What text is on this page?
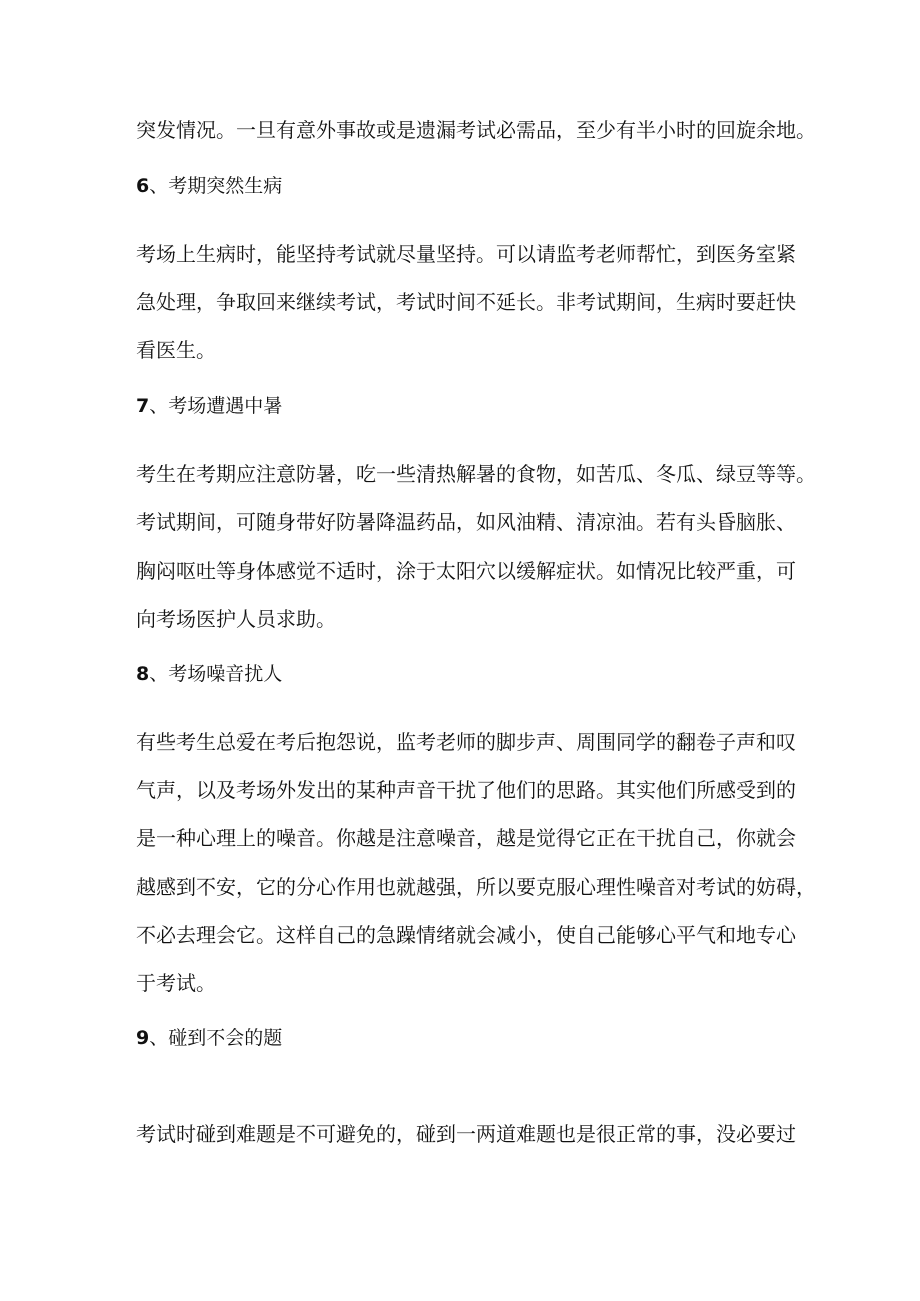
突发情况。一旦有意外事故或是遗漏考试必需品，至少有半小时的回旋余地。

6、考期突然生病

考场上生病时，能坚持考试就尽量坚持。可以请监考老师帮忙，到医务室紧

急处理，争取回来继续考试，考试时间不延长。非考试期间，生病时要赶快

看医生。

7、考场遭遇中暑

考生在考期应注意防暑，吃一些清热解暑的食物，如苦瓜、冬瓜、绿豆等等。

考试期间，可随身带好防暑降温药品，如风油精、清凉油。若有头昏脑胀、

胸闷呕吐等身体感觉不适时，涂于太阳穴以缓解症状。如情况比较严重，可

向考场医护人员求助。

8、考场噪音扰人

有些考生总爱在考后抱怨说，监考老师的脚步声、周围同学的翻卷子声和叹

气声，以及考场外发出的某种声音干扰了他们的思路。其实他们所感受到的

是一种心理上的噪音。你越是注意噪音，越是觉得它正在干扰自己，你就会

越感到不安，它的分心作用也就越强，所以要克服心理性噪音对考试的妨碍，

不必去理会它。这样自己的急躁情绪就会减小，使自己能够心平气和地专心

于考试。

9、碰到不会的题

考试时碰到难题是不可避免的，碰到一两道难题也是很正常的事，没必要过
